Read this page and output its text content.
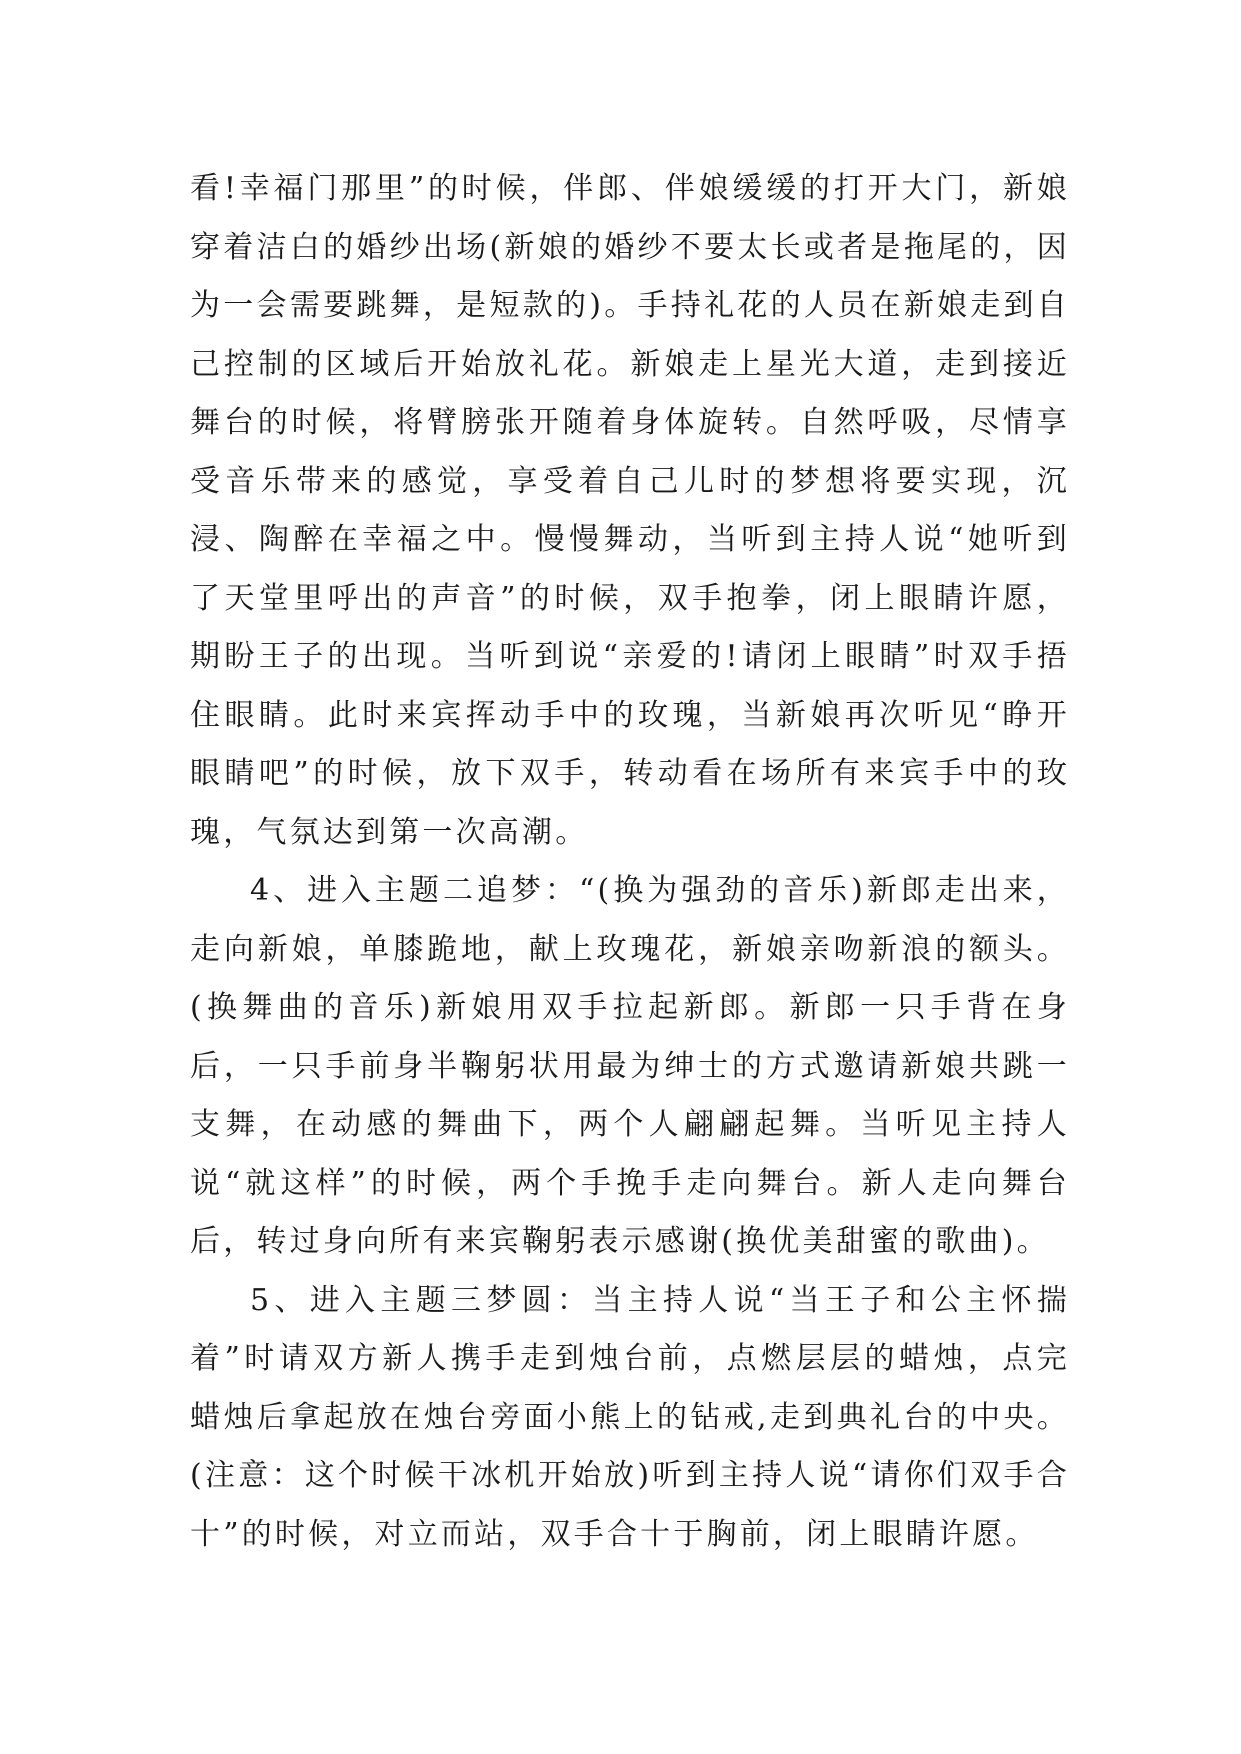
看!幸福门那里”的时候，伴郎、伴娘缓缓的打开大门，新娘穿着洁白的婚纱出场(新娘的婚纱不要太长或者是拖尾的，因为一会需要跳舞，是短款的)。手持礼花的人员在新娘走到自己控制的区域后开始放礼花。新娘走上星光大道，走到接近舞台的时候，将臂膀张开随着身体旋转。自然呼吸，尽情享受音乐带来的感觉，享受着自己儿时的梦想将要实现，沉浸、陶醉在幸福之中。慢慢舞动，当听到主持人说“她听到了天堂里呼出的声音”的时候，双手抱拳，闭上眼睛许愿，期盼王子的出现。当听到说“亲爱的!请闭上眼睛”时双手捂住眼睛。此时来宾挥动手中的玫瑰，当新娘再次听见“睁开眼睛吧”的时候，放下双手，转动看在场所有来宾手中的玫瑰，气氛达到第一次高潮。

4、进入主题二追梦：“(换为强劲的音乐)新郎走出来，走向新娘，单膝跪地，献上玫瑰花，新娘亲吻新浪的额头。(换舞曲的音乐)新娘用双手拉起新郎。新郎一只手背在身后，一只手前身半鞠躬状用最为绅士的方式邀请新娘共跳一支舞，在动感的舞曲下，两个人翩翩起舞。当听见主持人说“就这样”的时候，两个手挽手走向舞台。新人走向舞台后，转过身向所有来宾鞠躬表示感谢(换优美甜蜜的歌曲)。

5、进入主题三梦圆：当主持人说“当王子和公主怀揣着”时请双方新人携手走到烛台前，点燃层层的蜡烛，点完蜡烛后拿起放在烛台旁面小熊上的钻戒,走到典礼台的中央。(注意：这个时候干冰机开始放)听到主持人说“请你们双手合十”的时候，对立而站，双手合十于胸前，闭上眼睛许愿。
